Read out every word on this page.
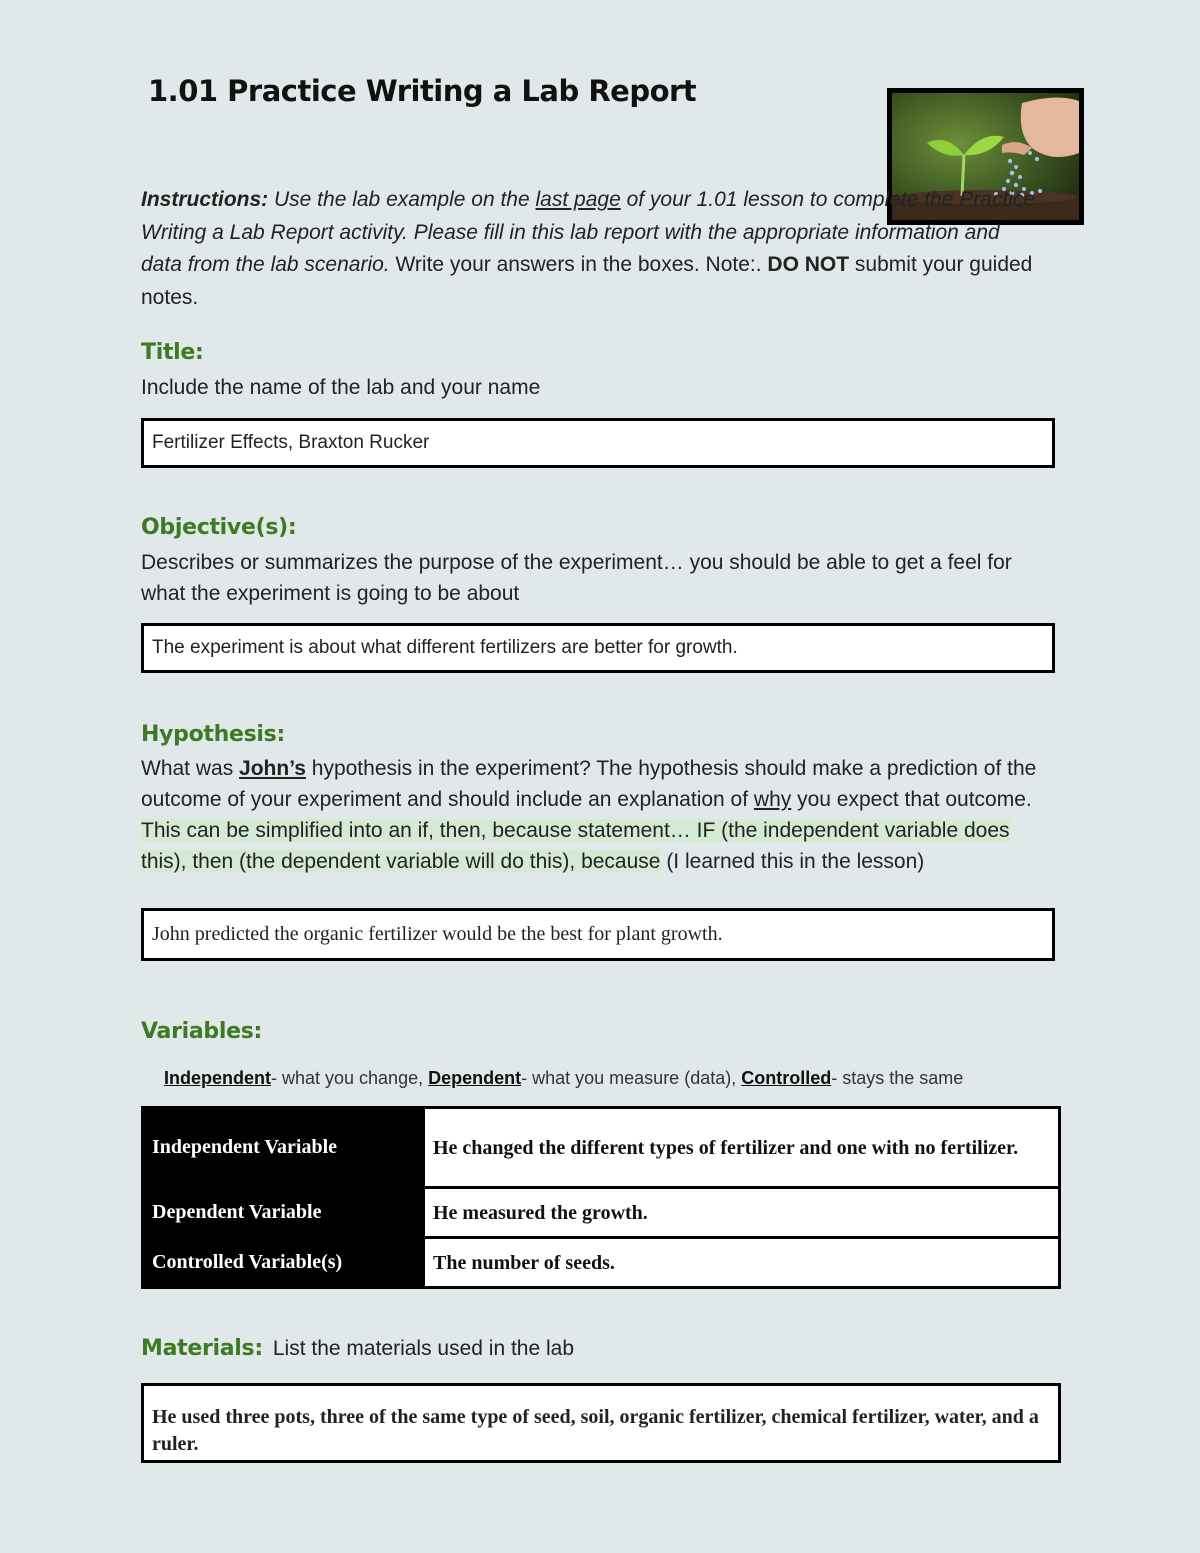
1.01 Practice Writing a Lab Report
Instructions: Use the lab example on the last page of your 1.01 lesson to complete the Practice Writing a Lab Report activity. Please fill in this lab report with the appropriate information and data from the lab scenario. Write your answers in the boxes. Note:. DO NOT submit your guided notes.
Title:
Include the name of the lab and your name
Fertilizer Effects, Braxton Rucker
Objective(s):
Describes or summarizes the purpose of the experiment… you should be able to get a feel for what the experiment is going to be about
The experiment is about what different fertilizers are better for growth.
Hypothesis:
What was John’s hypothesis in the experiment? The hypothesis should make a prediction of the outcome of your experiment and should include an explanation of why you expect that outcome. This can be simplified into an if, then, because statement… IF (the independent variable does this), then (the dependent variable will do this), because (I learned this in the lesson)
John predicted the organic fertilizer would be the best for plant growth.
Variables:
Independent- what you change, Dependent- what you measure (data), Controlled- stays the same
Independent Variable	He changed the different types of fertilizer and one with no fertilizer.
Dependent Variable	He measured the growth.
Controlled Variable(s)	The number of seeds.
Materials: List the materials used in the lab
He used three pots, three of the same type of seed, soil, organic fertilizer, chemical fertilizer, water, and a ruler.
